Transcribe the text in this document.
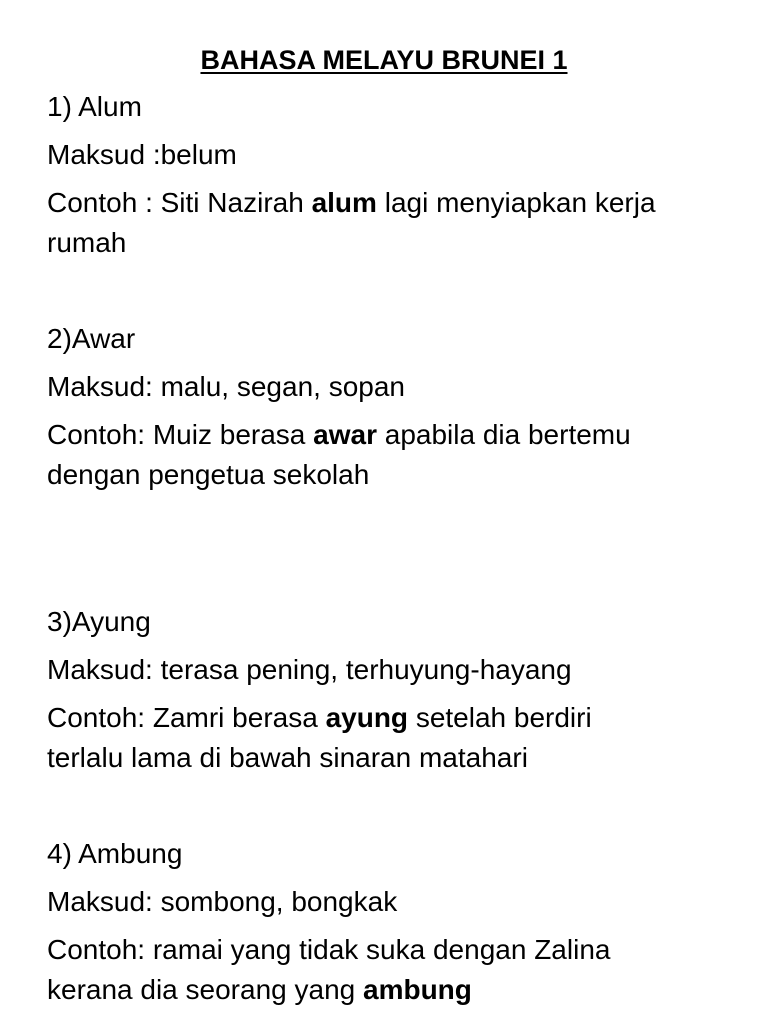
BAHASA MELAYU BRUNEI 1
1) Alum
Maksud :belum
Contoh : Siti Nazirah alum lagi menyiapkan kerja
rumah
2)Awar
Maksud: malu, segan, sopan
Contoh: Muiz berasa awar apabila dia bertemu
dengan pengetua sekolah
3)Ayung
Maksud: terasa pening, terhuyung-hayang
Contoh: Zamri berasa ayung setelah berdiri
terlalu lama di bawah sinaran matahari
4) Ambung
Maksud: sombong, bongkak
Contoh: ramai yang tidak suka dengan Zalina
kerana dia seorang yang ambung
